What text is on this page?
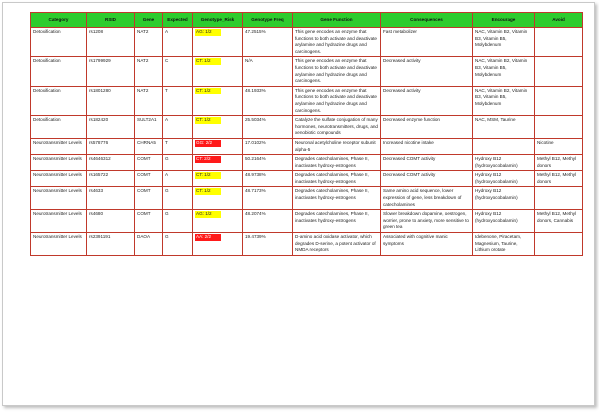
Category	RSID	Gene	Expected	Genotype_Risk	Genotype Freq	Gene Function	Consequences	Encourage	Avoid
Detoxification	rs1208	NAT2	A	AG: 1/2	47.2515%	This gene encodes an enzyme that functions to both activate and deactivate arylamine and hydrazine drugs and carcinogens.	Fast metabolizer	NAC, Vitamin B2, Vitamin B3, Vitamin B5, Molybdenum	
Detoxification	rs1799929	NAT2	C	CT: 1/2	N/A	This gene encodes an enzyme that functions to both activate and deactivate arylamine and hydrazine drugs and carcinogens.	Decreased activity	NAC, Vitamin B2, Vitamin B3, Vitamin B5, Molybdenum	
Detoxification	rs1801280	NAT2	T	CT: 1/2	48.1933%	This gene encodes an enzyme that functions to both activate and deactivate arylamine and hydrazine drugs and carcinogens.	Decreased activity	NAC, Vitamin B2, Vitamin B3, Vitamin B5, Molybdenum	
Detoxification	rs182420	SULT2A1	A	CT: 1/2	25.5034%	Catalyze the sulfate conjugation of many hormones, neurotransmitters, drugs, and xenobiotic compounds	Decreased enzyme function	NAC, MSM, Taurine	
Neurotransmitter Levels	rs578776	CHRNA5	T	GG: 2/2	17.0102%	Neuronal acetylcholine receptor subunit alpha-5	Increased nicotine intake		Nicotine
Neurotransmitter Levels	rs4646312	COMT	G	CT: 2/2	50.2164%	Degrades catecholamines, Phase II, inactivates hydroxy-estrogens	Decreased COMT activity	Hydroxy B12 (hydroxyocobalamin)	Methyl B12, Methyl donors
Neurotransmitter Levels	rs165722	COMT	A	CT: 1/2	48.9738%	Degrades catecholamines, Phase II, inactivates hydroxy-estrogens	Decreased COMT activity	Hydroxy B12 (hydroxyocobalamin)	Methyl B12, Methyl donors
Neurotransmitter Levels	rs4633	COMT	G	CT: 1/2	48.7173%	Degrades catecholamines, Phase II, inactivates hydroxy-estrogens	Same amino acid sequence, lower expression of gene, less breakdown of catecholamines	Hydroxy B12 (hydroxyocobalamin)	
Neurotransmitter Levels	rs4680	COMT	G	AG: 1/2	48.2074%	Degrades catecholamines, Phase II, inactivates hydroxy-estrogens	Slower breakdown dopamine, oestrogen, worrier, prone to anxiety, more sensitive to green tea	Hydroxy B12 (hydroxyocobalamin)	Methyl B12, Methyl donors, Cannabis
Neurotransmitter Levels	rs2391191	DAOA	G	AA: 2/2	19.4739%	D-amino acid oxidase activator, which degrades D-serine, a potent activator of NMDA receptors	Associated with cognitive manic symptoms	Idebenone, Piracetam, Magnesium, Taurine, Lithium orotate	
